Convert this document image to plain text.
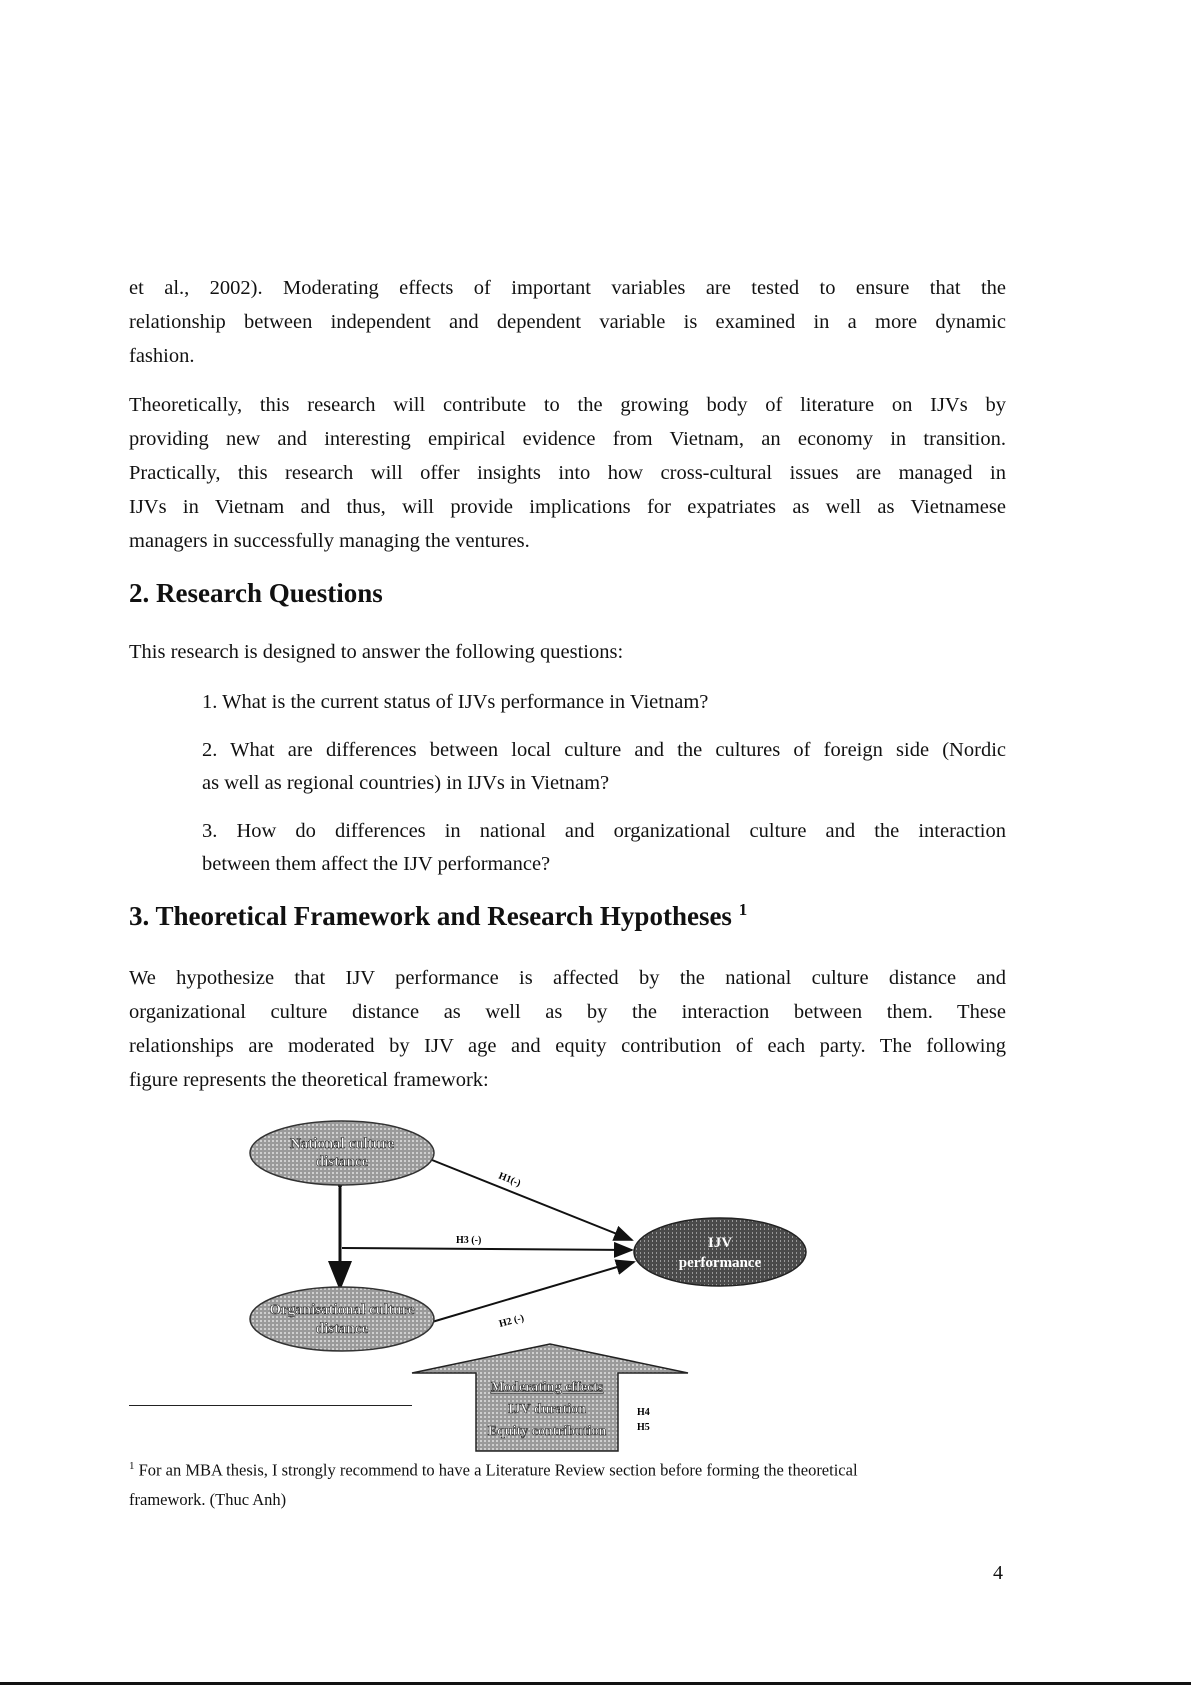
et al., 2002). Moderating effects of important variables are tested to ensure that the
relationship between independent and dependent variable is examined in a more dynamic
fashion.
Theoretically, this research will contribute to the growing body of literature on IJVs by
providing new and interesting empirical evidence from Vietnam, an economy in transition.
Practically, this research will offer insights into how cross-cultural issues are managed in
IJVs in Vietnam and thus, will provide implications for expatriates as well as Vietnamese
managers in successfully managing the ventures.
2. Research Questions
This research is designed to answer the following questions:
1. What is the current status of IJVs performance in Vietnam?
2. What are differences between local culture and the cultures of foreign side (Nordic
as well as regional countries) in IJVs in Vietnam?
3. How do differences in national and organizational culture and the interaction
between them affect the IJV performance?
3. Theoretical Framework and Research Hypotheses $^1$
We hypothesize that IJV performance is affected by the national culture distance and
organizational culture distance as well as by the interaction between them. These
relationships are moderated by IJV age and equity contribution of each party. The following
figure represents the theoretical framework:
National culture
distance
Organisational culture
distance
IJV
performance
H1(-)
H3 (-)
H2 (-)
Moderating effects
IJV duration
Equity contribution
H4
H5
$^1$ For an MBA thesis, I strongly recommend to have a Literature Review section before forming the theoretical
framework. (Thuc Anh)
4
